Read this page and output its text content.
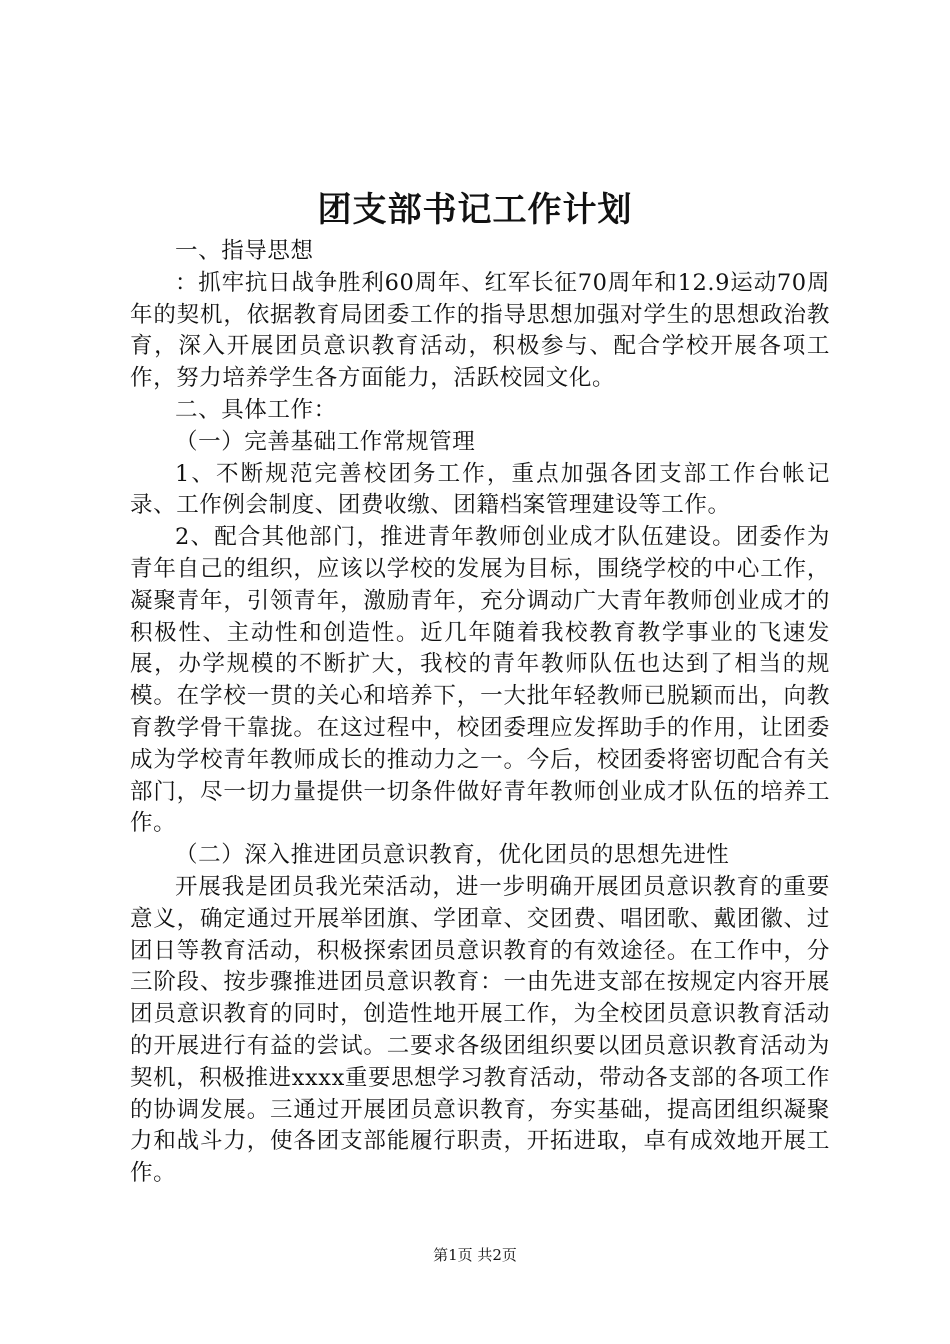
团支部书记工作计划

一、指导思想

：抓牢抗日战争胜利60周年、红军长征70周年和12.9运动70周年的契机，依据教育局团委工作的指导思想加强对学生的思想政治教育，深入开展团员意识教育活动，积极参与、配合学校开展各项工作，努力培养学生各方面能力，活跃校园文化。

二、具体工作：

（一）完善基础工作常规管理

1、不断规范完善校团务工作，重点加强各团支部工作台帐记录、工作例会制度、团费收缴、团籍档案管理建设等工作。

2、配合其他部门，推进青年教师创业成才队伍建设。团委作为青年自己的组织，应该以学校的发展为目标，围绕学校的中心工作，凝聚青年，引领青年，激励青年，充分调动广大青年教师创业成才的积极性、主动性和创造性。近几年随着我校教育教学事业的飞速发展，办学规模的不断扩大，我校的青年教师队伍也达到了相当的规模。在学校一贯的关心和培养下，一大批年轻教师已脱颖而出，向教育教学骨干靠拢。在这过程中，校团委理应发挥助手的作用，让团委成为学校青年教师成长的推动力之一。今后，校团委将密切配合有关部门，尽一切力量提供一切条件做好青年教师创业成才队伍的培养工作。

（二）深入推进团员意识教育，优化团员的思想先进性

开展我是团员我光荣活动，进一步明确开展团员意识教育的重要意义，确定通过开展举团旗、学团章、交团费、唱团歌、戴团徽、过团日等教育活动，积极探索团员意识教育的有效途径。在工作中，分三阶段、按步骤推进团员意识教育：一由先进支部在按规定内容开展团员意识教育的同时，创造性地开展工作，为全校团员意识教育活动的开展进行有益的尝试。二要求各级团组织要以团员意识教育活动为契机，积极推进xxxx重要思想学习教育活动，带动各支部的各项工作的协调发展。三通过开展团员意识教育，夯实基础，提高团组织凝聚力和战斗力，使各团支部能履行职责，开拓进取，卓有成效地开展工作。

第1页 共2页
